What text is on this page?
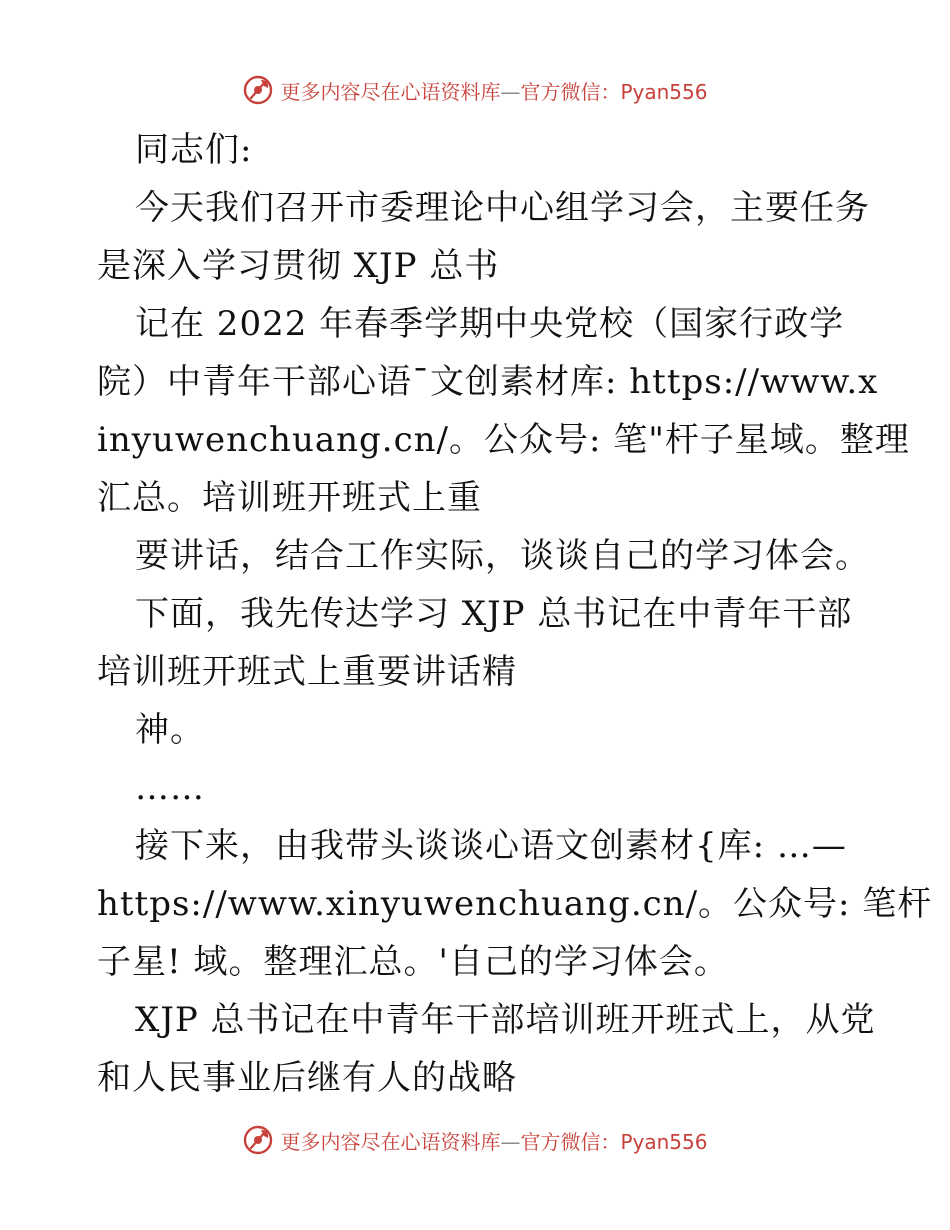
更多内容尽在心语资料库—官方微信：Pyan556
同志们:
今天我们召开市委理论中心组学习会，主要任务
是深入学习贯彻 XJP 总书
记在 2022 年春季学期中央党校（国家行政学
院）中青年干部心语¯文创素材库: https://www.x
inyuwenchuang.cn/。公众号: 笔"杆子星域。整理
汇总。培训班开班式上重
要讲话，结合工作实际，谈谈自己的学习体会。
下面，我先传达学习 XJP 总书记在中青年干部
培训班开班式上重要讲话精
神。
……
接下来，由我带头谈谈心语文创素材{库: …—
https://www.xinyuwenchuang.cn/。公众号: 笔杆
子星! 域。整理汇总。'自己的学习体会。
XJP 总书记在中青年干部培训班开班式上，从党
和人民事业后继有人的战略
更多内容尽在心语资料库—官方微信：Pyan556
